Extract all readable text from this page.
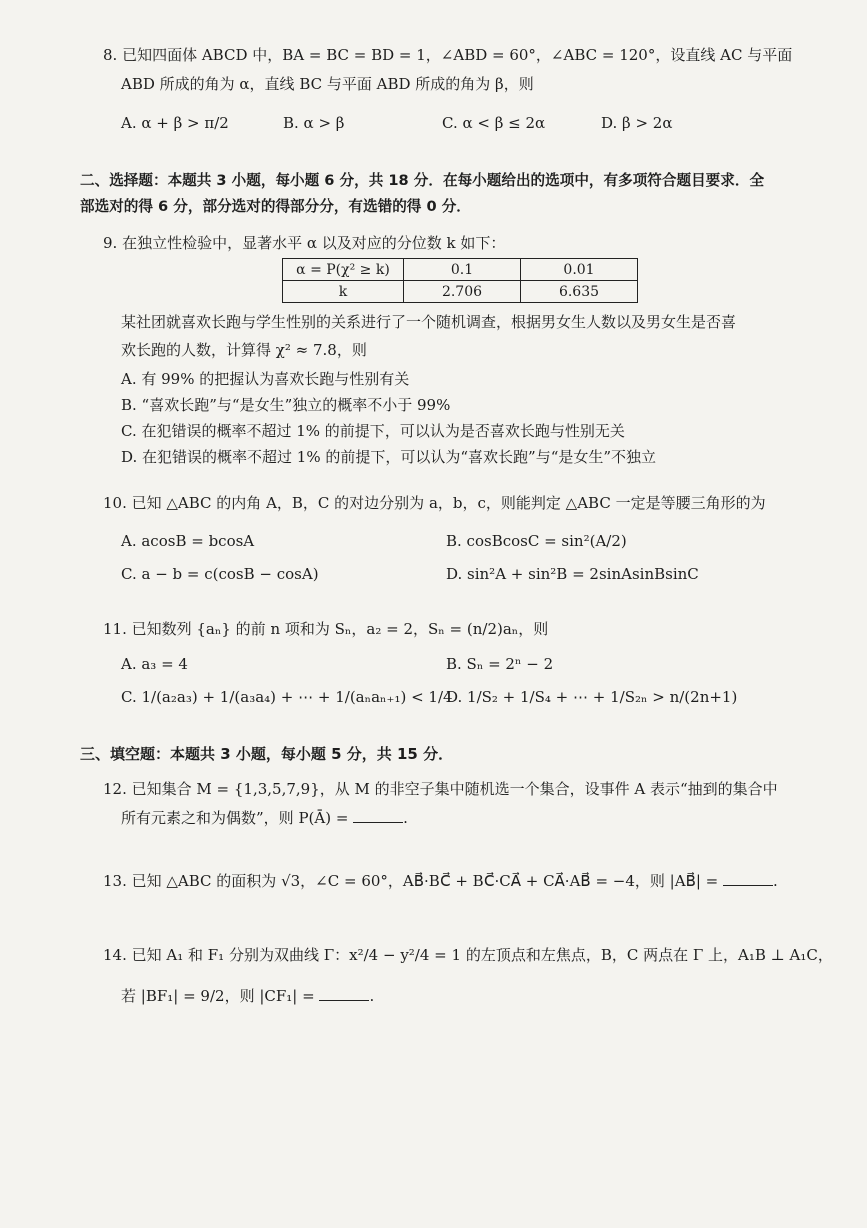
8. 已知四面体 ABCD 中，BA = BC = BD = 1，∠ABD = 60°，∠ABC = 120°，设直线 AC 与平面
ABD 所成的角为 α，直线 BC 与平面 ABD 所成的角为 β，则
A. α + β > π/2	B. α > β	C. α < β ≤ 2α	D. β > 2α
二、选择题：本题共 3 小题，每小题 6 分，共 18 分．在每小题给出的选项中，有多项符合题目要求．全
部选对的得 6 分，部分选对的得部分分，有选错的得 0 分．
9. 在独立性检验中，显著水平 α 以及对应的分位数 k 如下：
α = P(χ² ≥ k)	0.1	0.01
k	2.706	6.635
某社团就喜欢长跑与学生性别的关系进行了一个随机调查，根据男女生人数以及男女生是否喜
欢长跑的人数，计算得 χ² ≈ 7.8，则
A. 有 99% 的把握认为喜欢长跑与性别有关
B. “喜欢长跑”与“是女生”独立的概率不小于 99%
C. 在犯错误的概率不超过 1% 的前提下，可以认为是否喜欢长跑与性别无关
D. 在犯错误的概率不超过 1% 的前提下，可以认为“喜欢长跑”与“是女生”不独立
10. 已知 △ABC 的内角 A，B，C 的对边分别为 a，b，c，则能判定 △ABC 一定是等腰三角形的为
A. acosB = bcosA	B. cosBcosC = sin²(A/2)
C. a − b = c(cosB − cosA)	D. sin²A + sin²B = 2sinAsinBsinC
11. 已知数列 {aₙ} 的前 n 项和为 Sₙ，a₂ = 2，Sₙ = (n/2)aₙ，则
A. a₃ = 4	B. Sₙ = 2ⁿ − 2
C. 1/(a₂a₃) + 1/(a₃a₄) + ⋯ + 1/(aₙaₙ₊₁) < 1/4
D. 1/S₂ + 1/S₄ + ⋯ + 1/S₂ₙ > n/(2n+1)
三、填空题：本题共 3 小题，每小题 5 分，共 15 分．
12. 已知集合 M = {1,3,5,7,9}，从 M 的非空子集中随机选一个集合，设事件 A 表示“抽到的集合中
所有元素之和为偶数”，则 P(Ā) =	.
13. 已知 △ABC 的面积为 √3，∠C = 60°，AB⃗·BC⃗ + BC⃗·CA⃗ + CA⃗·AB⃗ = −4，则 |AB⃗| =	.
14. 已知 A₁ 和 F₁ 分别为双曲线 Γ：x²/4 − y²/4 = 1 的左顶点和左焦点，B，C 两点在 Γ 上，A₁B ⊥ A₁C，
若 |BF₁| = 9/2，则 |CF₁| =	.
